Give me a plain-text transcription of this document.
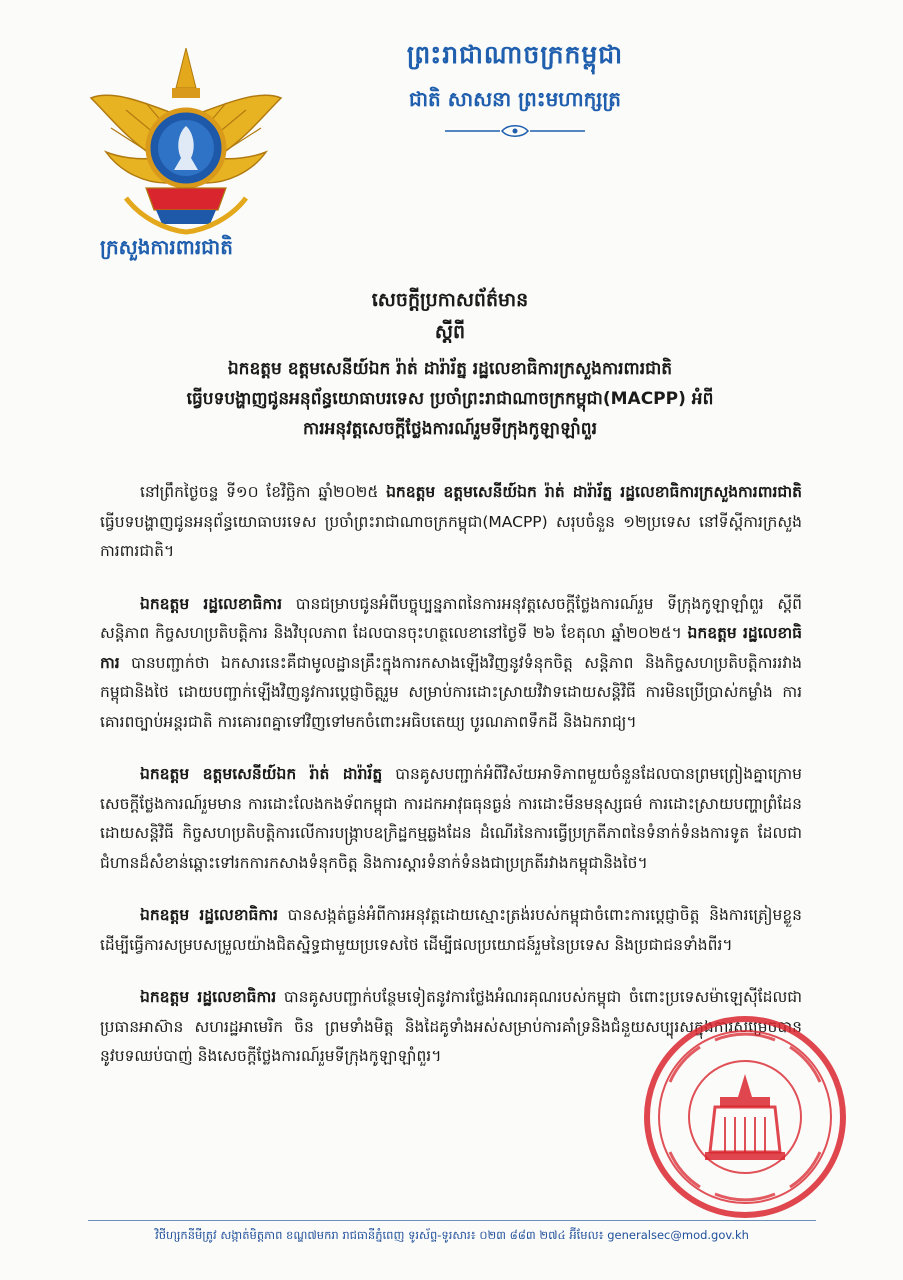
ក្រសួងការពារជាតិ
ព្រះរាជាណាចក្រកម្ពុជា
ជាតិ សាសនា ព្រះមហាក្សត្រ
សេចក្តីប្រកាសព័ត៌មាន
ស្តីពី
ឯកឧត្តម ឧត្តមសេនីយ៍ឯក រ៉ាត់ ដារ៉ារ័ត្ន រដ្ឋលេខាធិការក្រសួងការពារជាតិ
ធ្វើបទបង្ហាញជូនអនុព័ន្ធយោធាបរទេស ប្រចាំព្រះរាជាណាចក្រកម្ពុជា(MACPP) អំពី
ការអនុវត្តសេចក្តីថ្លែងការណ៍រួមទីក្រុងកូឡាឡាំពួរ

នៅព្រឹកថ្ងៃចន្ទ ទី១០ ខែវិច្ឆិកា ឆ្នាំ២០២៥ ឯកឧត្តម ឧត្តមសេនីយ៍ឯក រ៉ាត់ ដារ៉ារ័ត្ន រដ្ឋលេខាធិការក្រសួងការពារជាតិ ធ្វើបទបង្ហាញជូនអនុព័ន្ធយោធាបរទេស ប្រចាំព្រះរាជាណាចក្រកម្ពុជា(MACPP) សរុបចំនួន ១២ប្រទេស នៅទីស្តីការក្រសួងការពារជាតិ។

ឯកឧត្តម រដ្ឋលេខាធិការ បានជម្រាបជូនអំពីបច្ចុប្បន្នភាពនៃការអនុវត្តសេចក្តីថ្លែងការណ៍រួម ទីក្រុងកូឡាឡាំពួរ ស្តីពីសន្តិភាព កិច្ចសហប្រតិបត្តិការ និងវិបុលភាព ដែលបានចុះហត្ថលេខានៅថ្ងៃទី ២៦ ខែតុលា ឆ្នាំ២០២៥។ ឯកឧត្តម រដ្ឋលេខាធិការ បានបញ្ជាក់ថា ឯកសារនេះគឺជាមូលដ្ឋានគ្រឹះក្នុងការកសាងឡើងវិញនូវទំនុកចិត្ត សន្តិភាព និងកិច្ចសហប្រតិបត្តិការរវាងកម្ពុជានិងថៃ ដោយបញ្ជាក់ឡើងវិញនូវការប្តេជ្ញាចិត្តរួម សម្រាប់ការដោះស្រាយវិវាទដោយសន្តិវិធី ការមិនប្រើប្រាស់កម្លាំង ការគោរពច្បាប់អន្តរជាតិ ការគោរពគ្នាទៅវិញទៅមកចំពោះអធិបតេយ្យ បូរណភាពទឹកដី និងឯករាជ្យ។

ឯកឧត្តម ឧត្តមសេនីយ៍ឯក រ៉ាត់ ដារ៉ារ័ត្ន បានគូសបញ្ជាក់អំពីវិស័យអាទិភាពមួយចំនួនដែលបានព្រមព្រៀងគ្នាក្រោមសេចក្តីថ្លែងការណ៍រួមមាន ការដោះលែងកងទ័ពកម្ពុជា ការដកអាវុធធុនធ្ងន់ ការដោះមីនមនុស្សធម៌ ការដោះស្រាយបញ្ហាព្រំដែនដោយសន្តិវិធី កិច្ចសហប្រតិបត្តិការលើការបង្រ្កាបឧក្រិដ្ឋកម្មឆ្លងដែន ដំណើរនៃការធ្វើប្រក្រតីភាពនៃទំនាក់ទំនងការទូត ដែលជាជំហានដ៏សំខាន់ឆ្ពោះទៅរកការកសាងទំនុកចិត្ត និងការស្តារទំនាក់ទំនងជាប្រក្រតីរវាងកម្ពុជានិងថៃ។

ឯកឧត្តម រដ្ឋលេខាធិការ បានសង្កត់ធ្ងន់អំពីការអនុវត្តដោយស្មោះត្រង់របស់កម្ពុជាចំពោះការប្តេជ្ញាចិត្ត និងការត្រៀមខ្លួនដើម្បីធ្វើការសម្របសម្រួលយ៉ាងជិតស្និទ្ធជាមួយប្រទេសថៃ ដើម្បីផលប្រយោជន៍រួមនៃប្រទេស និងប្រជាជនទាំងពីរ។

ឯកឧត្តម រដ្ឋលេខាធិការ បានគូសបញ្ជាក់បន្ថែមទៀតនូវការថ្លែងអំណរគុណរបស់កម្ពុជា ចំពោះប្រទេសម៉ាឡេស៊ីដែលជាប្រធានអាស៊ាន សហរដ្ឋអាមេរិក ចិន ព្រមទាំងមិត្ត និងដៃគូទាំងអស់សម្រាប់ការគាំទ្រនិងជំនួយសប្បុរសក្នុងការសម្រេចបាននូវបទឈប់បាញ់ និងសេចក្តីថ្លែងការណ៍រួមទីក្រុងកូឡាឡាំពួរ។

វិថីហ្សកនីមីត្រូវ សង្កាត់មិត្តភាព ខណ្ឌ៧មករា រាជធានីភ្នំពេញ ទូរស័ព្ទ-ទូរសារ៖ ០២៣ ៨៨៣ ២៧៤ អ៊ីមែល៖ generalsec@mod.gov.kh
